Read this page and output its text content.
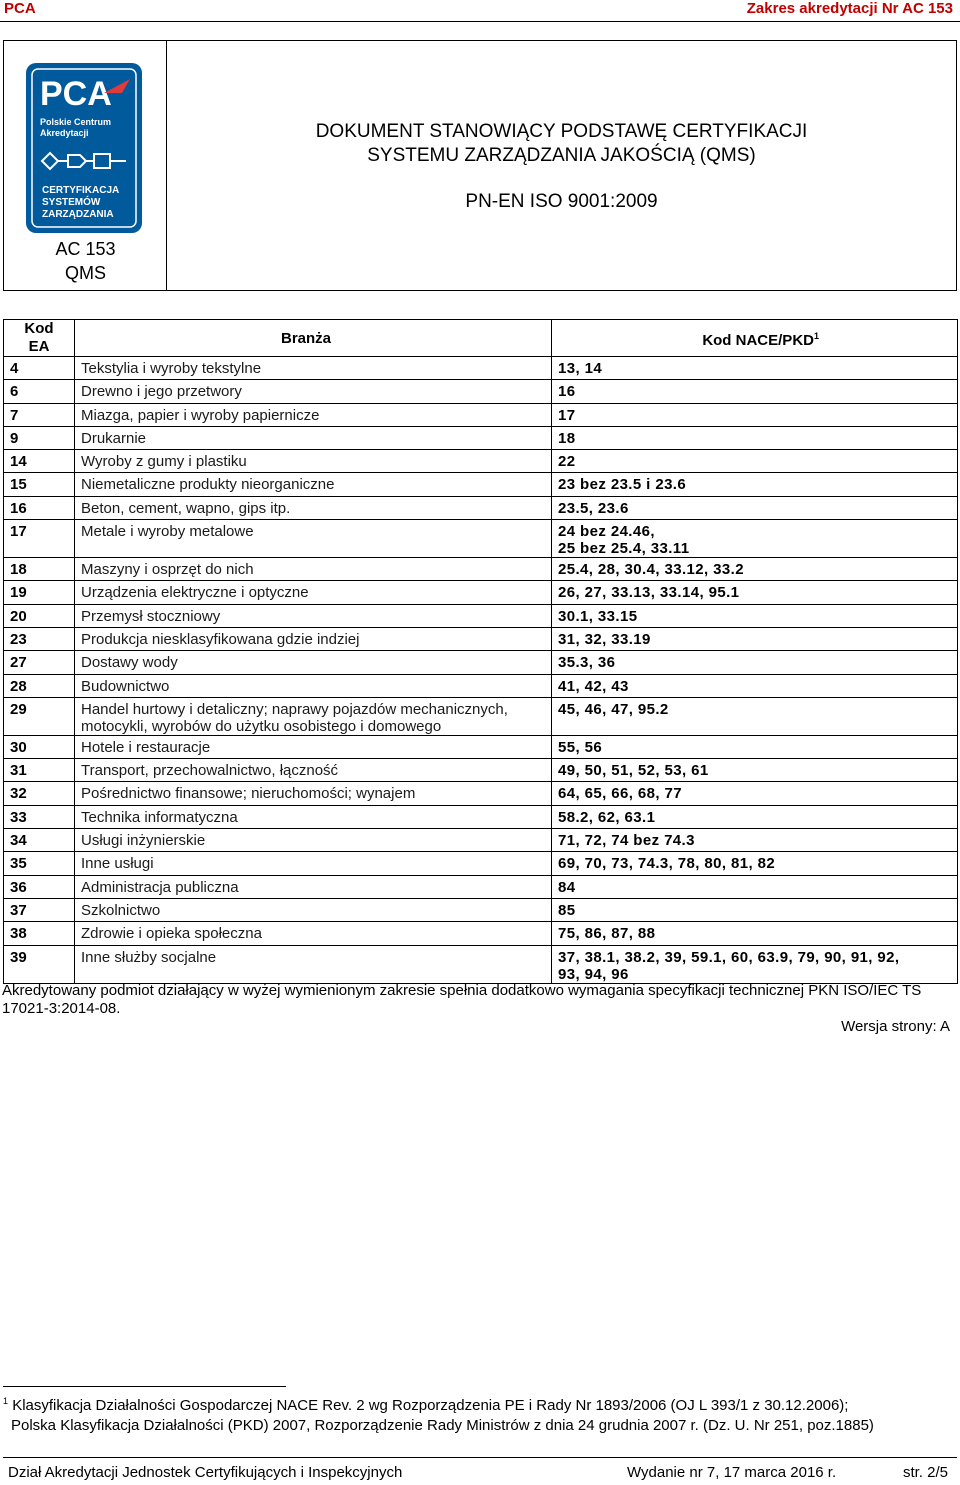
PCA	Zakres akredytacji Nr AC 153
PCA
Polskie Centrum
Akredytacji
CERTYFIKACJA
SYSTEMÓW
ZARZĄDZANIA
AC 153
QMS
DOKUMENT STANOWIĄCY PODSTAWĘ CERTYFIKACJI
SYSTEMU ZARZĄDZANIA JAKOŚCIĄ (QMS)
PN-EN ISO 9001:2009
Kod
EA	Branża	Kod NACE/PKD$^1$
4	Tekstylia i wyroby tekstylne	13, 14
6	Drewno i jego przetwory	16
7	Miazga, papier i wyroby papiernicze	17
9	Drukarnie	18
14	Wyroby z gumy i plastiku	22
15	Niemetaliczne produkty nieorganiczne	23 bez 23.5 i 23.6
16	Beton, cement, wapno, gips itp.	23.5, 23.6
17	Metale i wyroby metalowe	24 bez 24.46,
25 bez 25.4, 33.11
18	Maszyny i osprzęt do nich	25.4, 28, 30.4, 33.12, 33.2
19	Urządzenia elektryczne i optyczne	26, 27, 33.13, 33.14, 95.1
20	Przemysł stoczniowy	30.1, 33.15
23	Produkcja niesklasyfikowana gdzie indziej	31, 32, 33.19
27	Dostawy wody	35.3, 36
28	Budownictwo	41, 42, 43
29	Handel hurtowy i detaliczny; naprawy pojazdów mechanicznych,
motocykli, wyrobów do użytku osobistego i domowego	45, 46, 47, 95.2
30	Hotele i restauracje	55, 56
31	Transport, przechowalnictwo, łączność	49, 50, 51, 52, 53, 61
32	Pośrednictwo finansowe; nieruchomości; wynajem	64, 65, 66, 68, 77
33	Technika informatyczna	58.2, 62, 63.1
34	Usługi inżynierskie	71, 72, 74 bez 74.3
35	Inne usługi	69, 70, 73, 74.3, 78, 80, 81, 82
36	Administracja publiczna	84
37	Szkolnictwo	85
38	Zdrowie i opieka społeczna	75, 86, 87, 88
39	Inne służby socjalne	37, 38.1, 38.2, 39, 59.1, 60, 63.9, 79, 90, 91, 92,
93, 94, 96
Akredytowany podmiot działający w wyżej wymienionym zakresie spełnia dodatkowo wymagania specyfikacji technicznej PKN ISO/IEC TS 17021-3:2014-08.
Wersja strony: A
$^1$ Klasyfikacja Działalności Gospodarczej NACE Rev. 2 wg Rozporządzenia PE i Rady Nr 1893/2006 (OJ L 393/1 z 30.12.2006);
Polska Klasyfikacja Działalności (PKD) 2007, Rozporządzenie Rady Ministrów z dnia 24 grudnia 2007 r. (Dz. U. Nr 251, poz.1885)
Dział Akredytacji Jednostek Certyfikujących i Inspekcyjnych	Wydanie nr 7, 17 marca 2016 r.	str. 2/5
